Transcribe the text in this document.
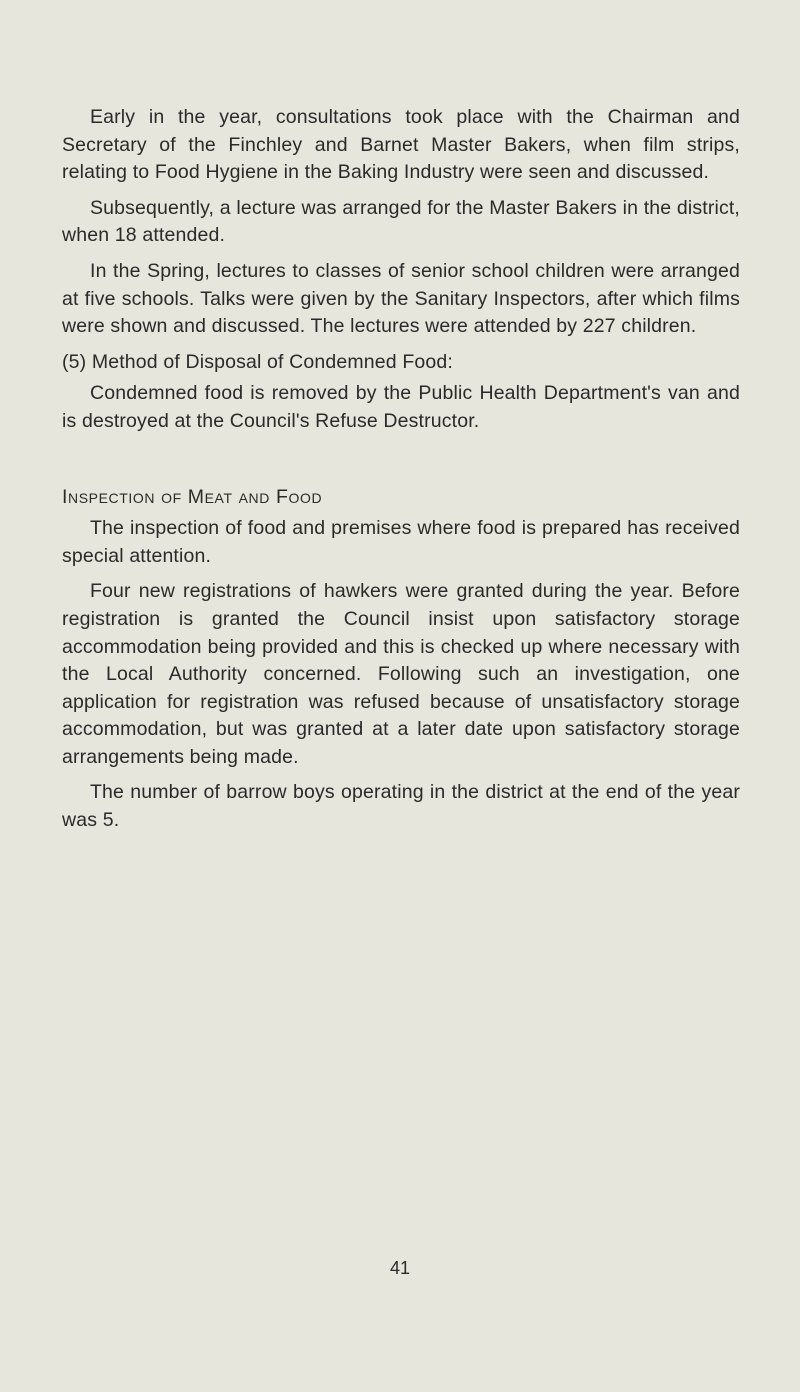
Early in the year, consultations took place with the Chairman and Secretary of the Finchley and Barnet Master Bakers, when film strips, relating to Food Hygiene in the Baking Industry were seen and discussed.

Subsequently, a lecture was arranged for the Master Bakers in the district, when 18 attended.

In the Spring, lectures to classes of senior school children were arranged at five schools. Talks were given by the Sanitary Inspectors, after which films were shown and discussed. The lectures were attended by 227 children.

(5) Method of Disposal of Condemned Food:

Condemned food is removed by the Public Health Department's van and is destroyed at the Council's Refuse Destructor.

Inspection of Meat and Food

The inspection of food and premises where food is prepared has received special attention.

Four new registrations of hawkers were granted during the year. Before registration is granted the Council insist upon satisfactory storage accommodation being provided and this is checked up where necessary with the Local Authority concerned. Following such an investigation, one application for registration was refused because of unsatisfactory storage accommodation, but was granted at a later date upon satisfactory storage arrangements being made.

The number of barrow boys operating in the district at the end of the year was 5.

41
